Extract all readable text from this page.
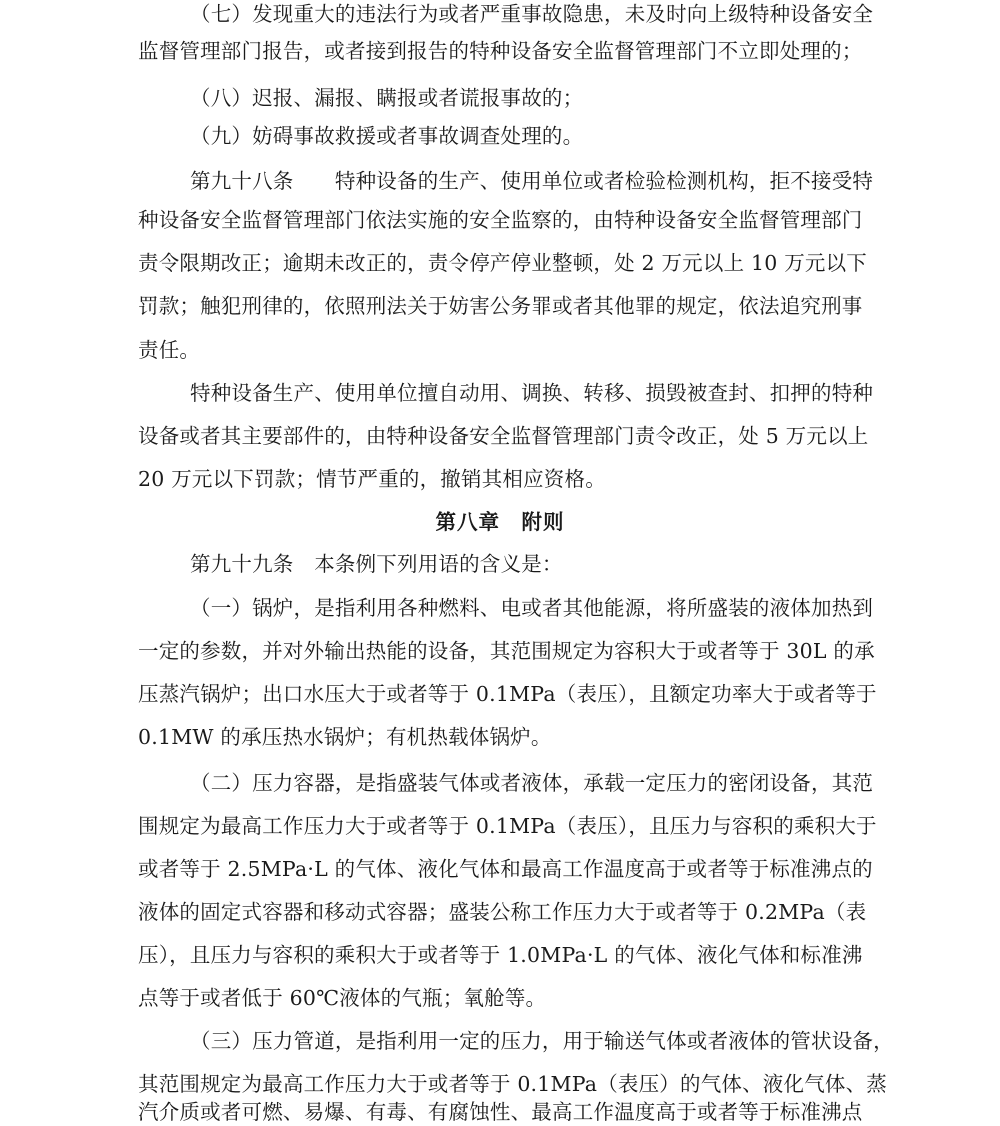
（七）发现重大的违法行为或者严重事故隐患，未及时向上级特种设备安全
监督管理部门报告，或者接到报告的特种设备安全监督管理部门不立即处理的；
（八）迟报、漏报、瞒报或者谎报事故的；
（九）妨碍事故救援或者事故调查处理的。
第九十八条　　特种设备的生产、使用单位或者检验检测机构，拒不接受特
种设备安全监督管理部门依法实施的安全监察的，由特种设备安全监督管理部门
责令限期改正；逾期未改正的，责令停产停业整顿，处 2 万元以上 10 万元以下
罚款；触犯刑律的，依照刑法关于妨害公务罪或者其他罪的规定，依法追究刑事
责任。
特种设备生产、使用单位擅自动用、调换、转移、损毁被查封、扣押的特种
设备或者其主要部件的，由特种设备安全监督管理部门责令改正，处 5 万元以上
20 万元以下罚款；情节严重的，撤销其相应资格。
第八章　附则
第九十九条　本条例下列用语的含义是：
（一）锅炉，是指利用各种燃料、电或者其他能源，将所盛装的液体加热到
一定的参数，并对外输出热能的设备，其范围规定为容积大于或者等于 30L 的承
压蒸汽锅炉；出口水压大于或者等于 0.1MPa（表压），且额定功率大于或者等于
0.1MW 的承压热水锅炉；有机热载体锅炉。
（二）压力容器，是指盛装气体或者液体，承载一定压力的密闭设备，其范
围规定为最高工作压力大于或者等于 0.1MPa（表压），且压力与容积的乘积大于
或者等于 2.5MPa·L 的气体、液化气体和最高工作温度高于或者等于标准沸点的
液体的固定式容器和移动式容器；盛装公称工作压力大于或者等于 0.2MPa（表
压），且压力与容积的乘积大于或者等于 1.0MPa·L 的气体、液化气体和标准沸
点等于或者低于 60℃液体的气瓶；氧舱等。
（三）压力管道，是指利用一定的压力，用于输送气体或者液体的管状设备，
其范围规定为最高工作压力大于或者等于 0.1MPa（表压）的气体、液化气体、蒸
汽介质或者可燃、易爆、有毒、有腐蚀性、最高工作温度高于或者等于标准沸点
